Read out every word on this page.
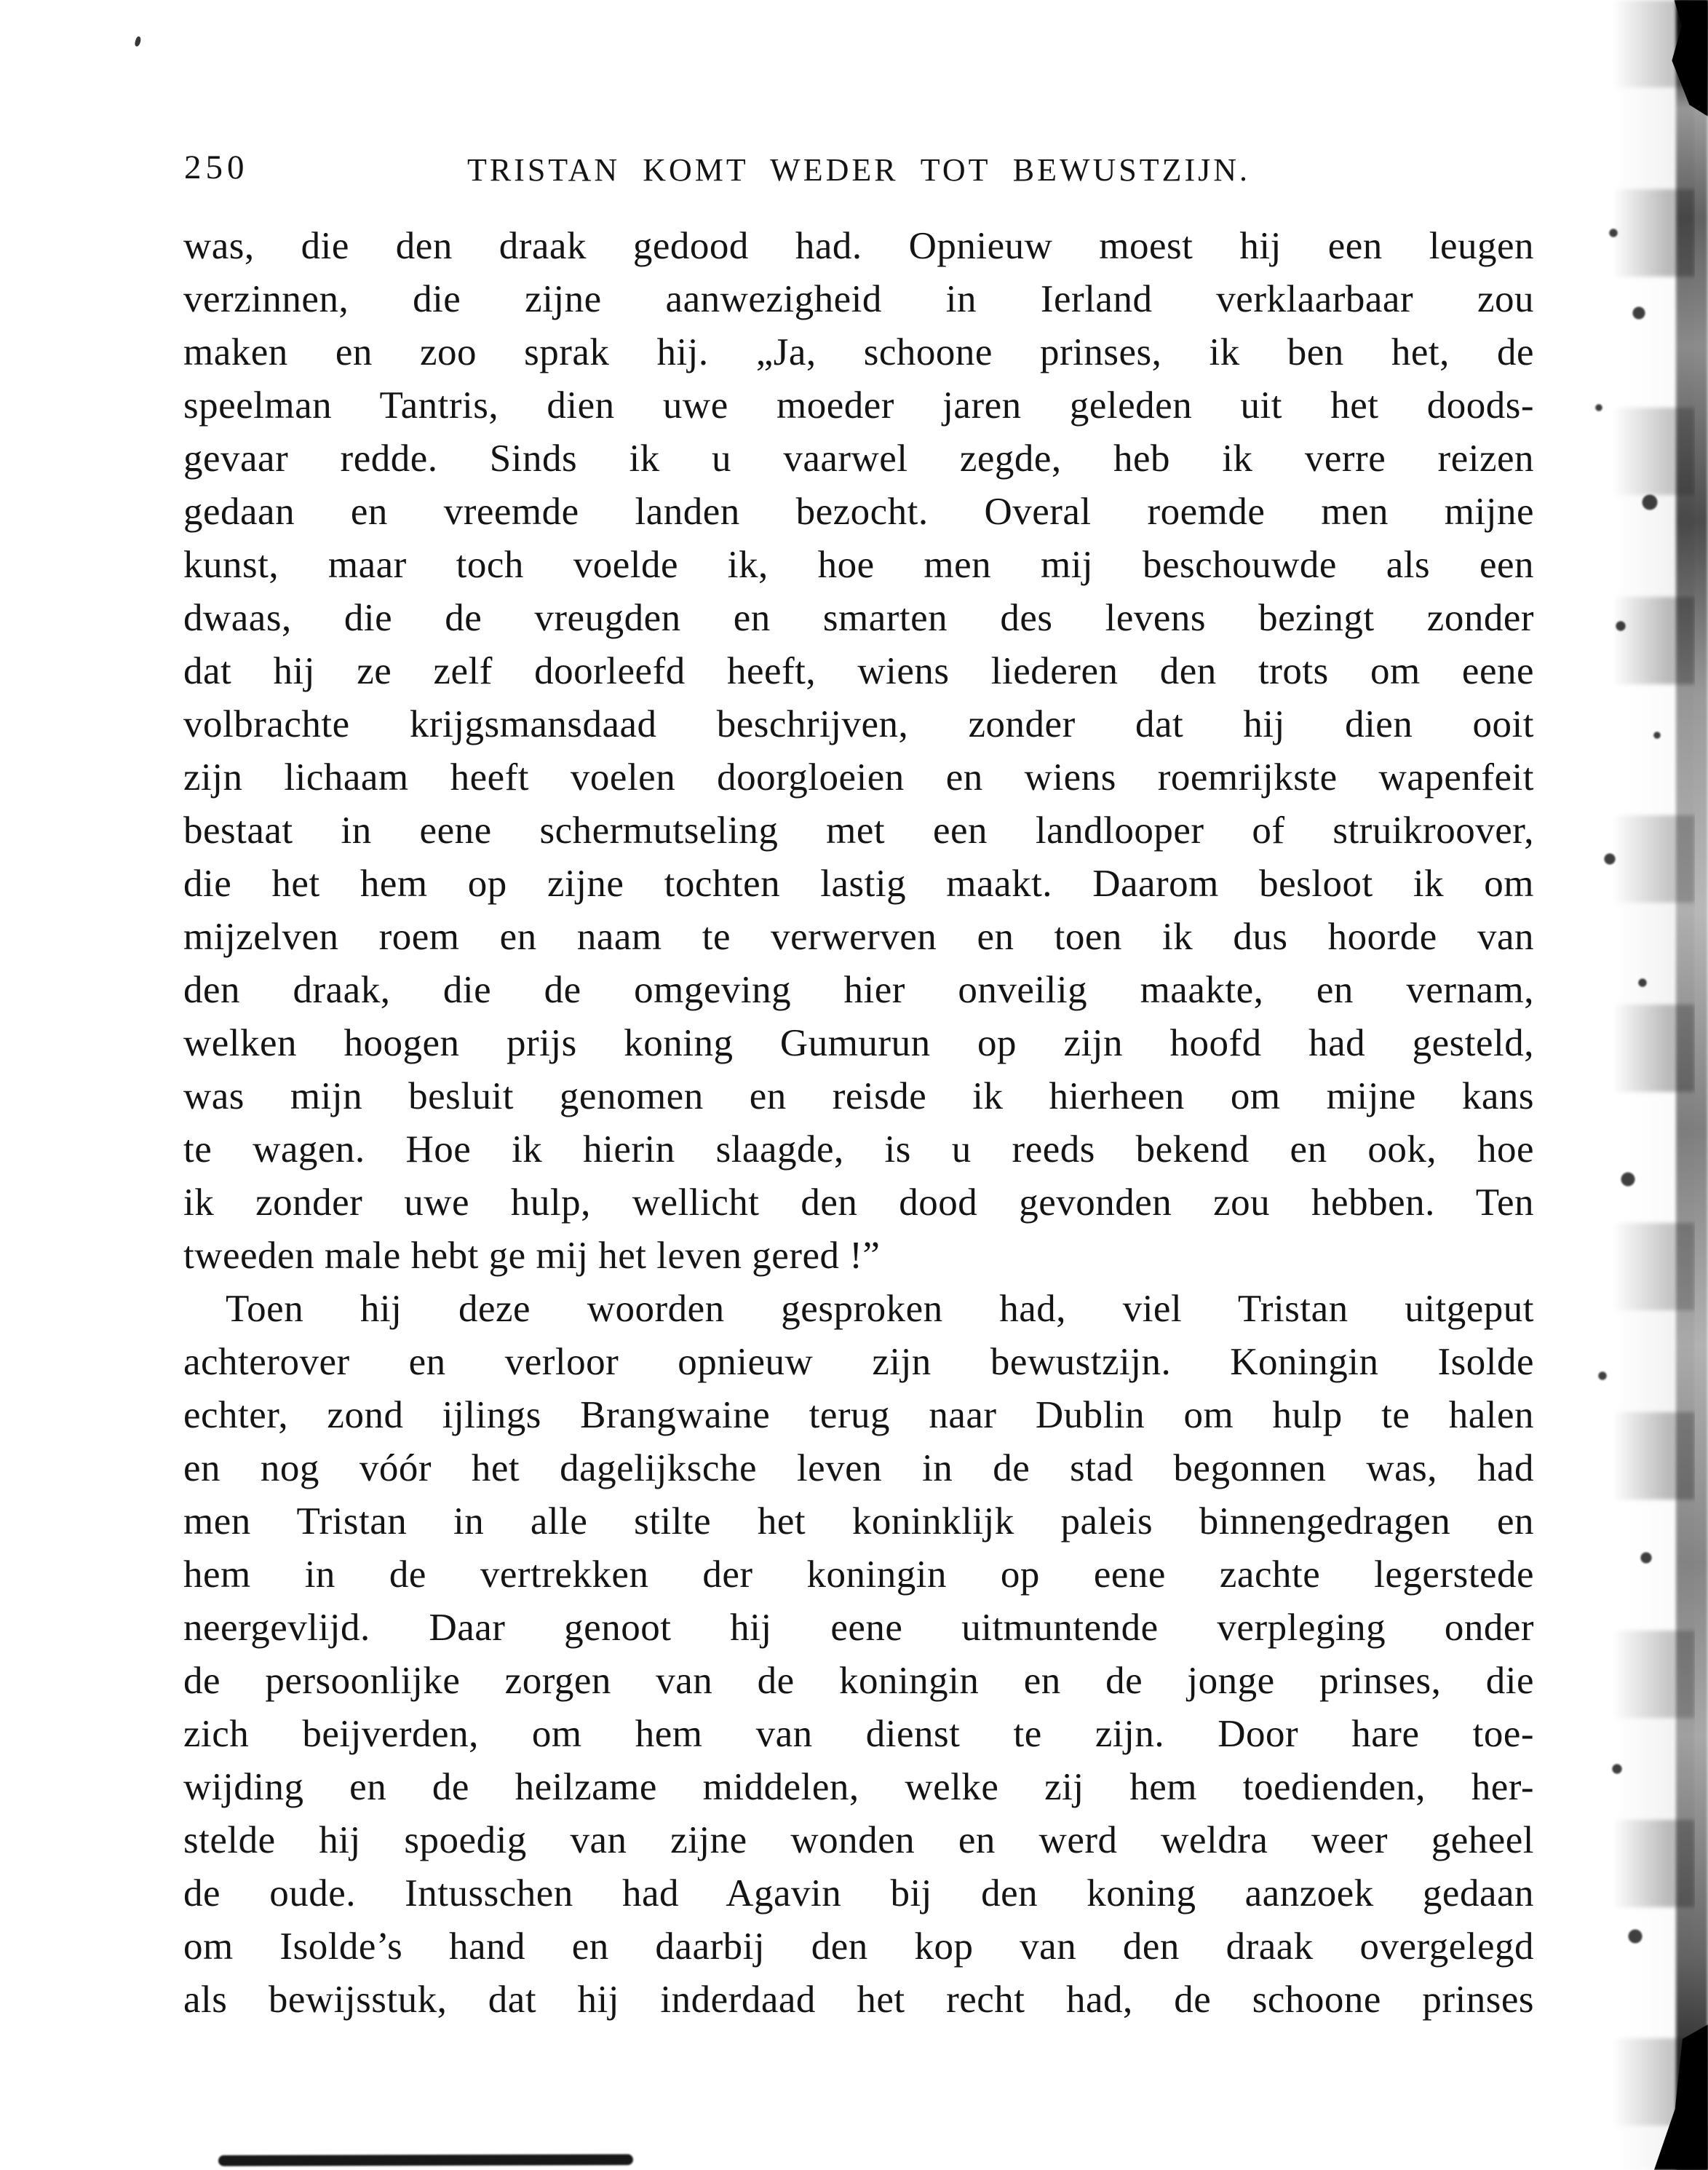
250	TRISTAN KOMT WEDER TOT BEWUSTZIJN.
was, die den draak gedood had. Opnieuw moest hij een leugen
verzinnen, die zijne aanwezigheid in Ierland verklaarbaar zou
maken en zoo sprak hij. „Ja, schoone prinses, ik ben het, de
speelman Tantris, dien uwe moeder jaren geleden uit het doods-
gevaar redde. Sinds ik u vaarwel zegde, heb ik verre reizen
gedaan en vreemde landen bezocht. Overal roemde men mijne
kunst, maar toch voelde ik, hoe men mij beschouwde als een
dwaas, die de vreugden en smarten des levens bezingt zonder
dat hij ze zelf doorleefd heeft, wiens liederen den trots om eene
volbrachte krijgsmansdaad beschrijven, zonder dat hij dien ooit
zijn lichaam heeft voelen doorgloeien en wiens roemrijkste wapenfeit
bestaat in eene schermutseling met een landlooper of struikroover,
die het hem op zijne tochten lastig maakt. Daarom besloot ik om
mijzelven roem en naam te verwerven en toen ik dus hoorde van
den draak, die de omgeving hier onveilig maakte, en vernam,
welken hoogen prijs koning Gumurun op zijn hoofd had gesteld,
was mijn besluit genomen en reisde ik hierheen om mijne kans
te wagen. Hoe ik hierin slaagde, is u reeds bekend en ook, hoe
ik zonder uwe hulp, wellicht den dood gevonden zou hebben. Ten
tweeden male hebt ge mij het leven gered !”
Toen hij deze woorden gesproken had, viel Tristan uitgeput
achterover en verloor opnieuw zijn bewustzijn. Koningin Isolde
echter, zond ijlings Brangwaine terug naar Dublin om hulp te halen
en nog vóór het dagelijksche leven in de stad begonnen was, had
men Tristan in alle stilte het koninklijk paleis binnengedragen en
hem in de vertrekken der koningin op eene zachte legerstede
neergevlijd. Daar genoot hij eene uitmuntende verpleging onder
de persoonlijke zorgen van de koningin en de jonge prinses, die
zich beijverden, om hem van dienst te zijn. Door hare toe-
wijding en de heilzame middelen, welke zij hem toedienden, her-
stelde hij spoedig van zijne wonden en werd weldra weer geheel
de oude. Intusschen had Agavin bij den koning aanzoek gedaan
om Isolde’s hand en daarbij den kop van den draak overgelegd
als bewijsstuk, dat hij inderdaad het recht had, de schoone prinses
